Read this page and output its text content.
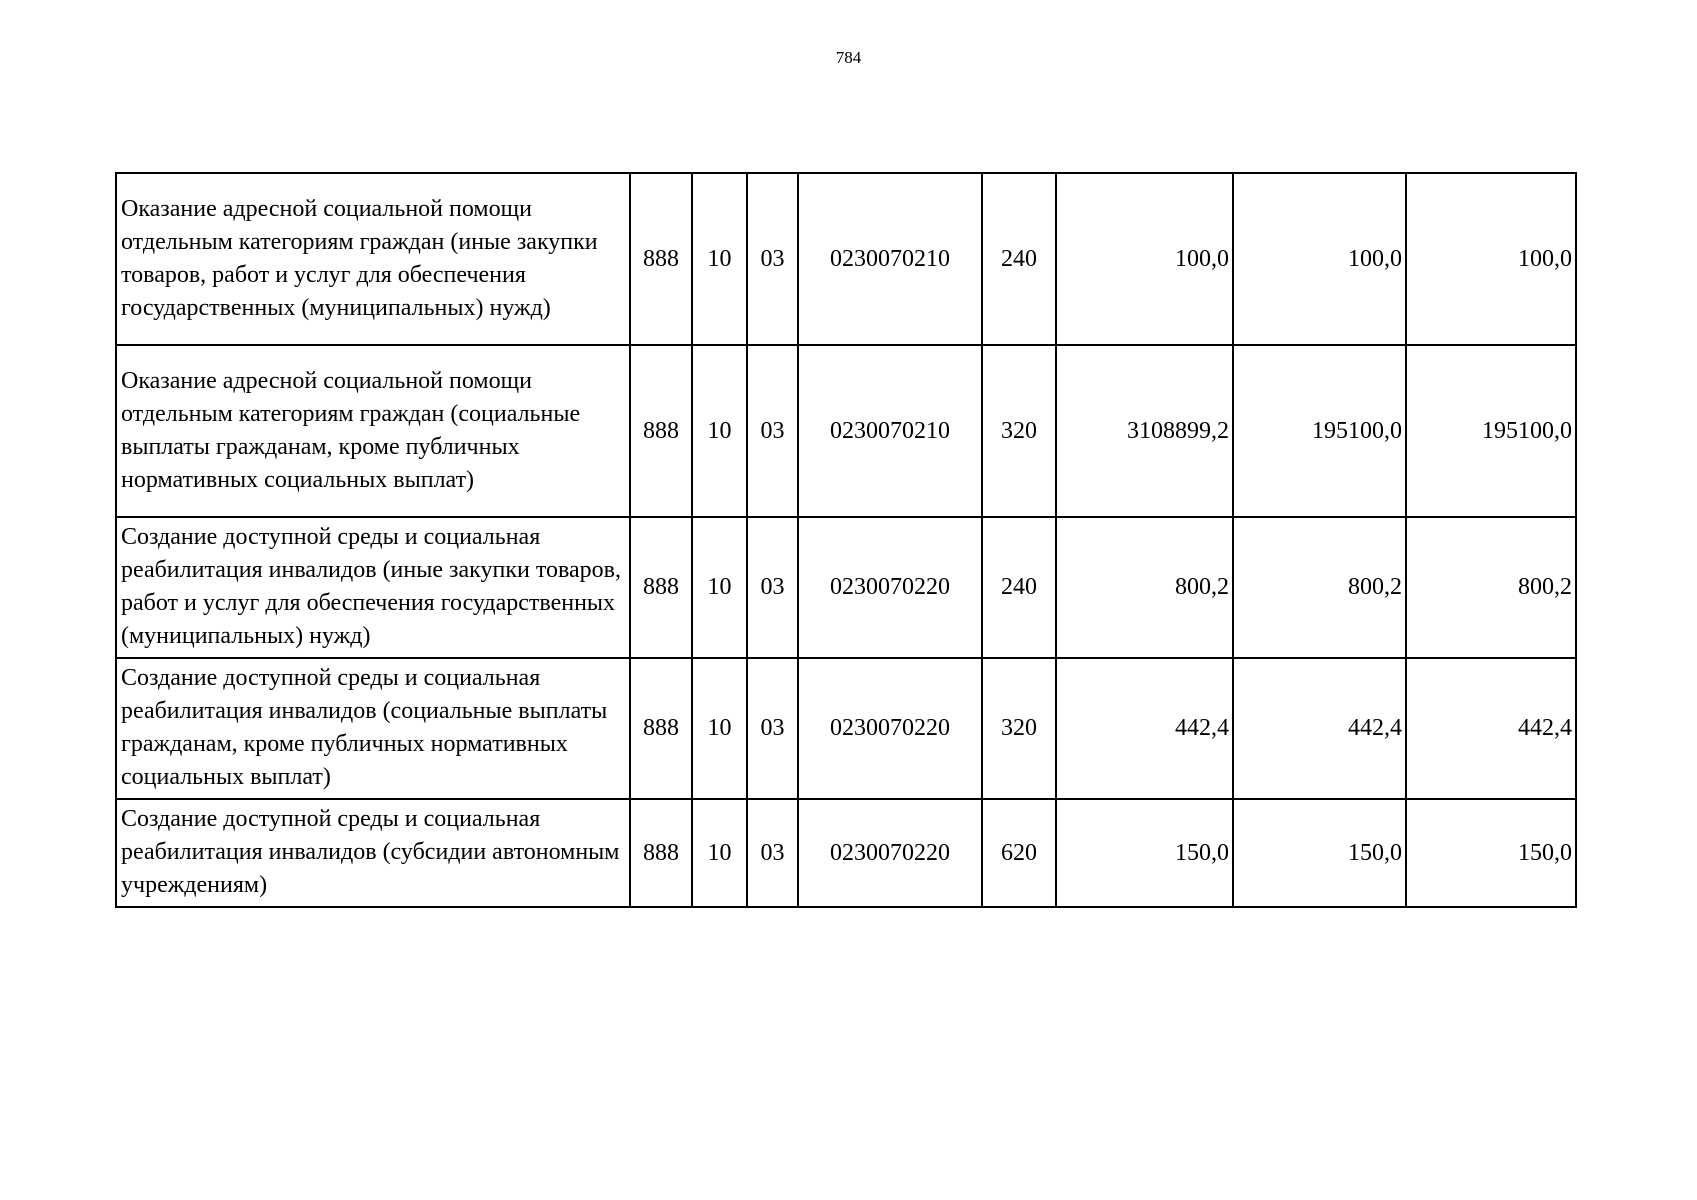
784
Оказание адресной социальной помощи отдельным категориям граждан (иные закупки товаров, работ и услуг для обеспечения государственных (муниципальных) нужд)	888	10	03	0230070210	240	100,0	100,0	100,0
Оказание адресной социальной помощи отдельным категориям граждан (социальные выплаты гражданам, кроме публичных нормативных социальных выплат)	888	10	03	0230070210	320	3108899,2	195100,0	195100,0
Создание доступной среды и социальная реабилитация инвалидов (иные закупки товаров, работ и услуг для обеспечения государственных (муниципальных) нужд)	888	10	03	0230070220	240	800,2	800,2	800,2
Создание доступной среды и социальная реабилитация инвалидов (социальные выплаты гражданам, кроме публичных нормативных социальных выплат)	888	10	03	0230070220	320	442,4	442,4	442,4
Создание доступной среды и социальная реабилитация инвалидов (субсидии автономным учреждениям)	888	10	03	0230070220	620	150,0	150,0	150,0
